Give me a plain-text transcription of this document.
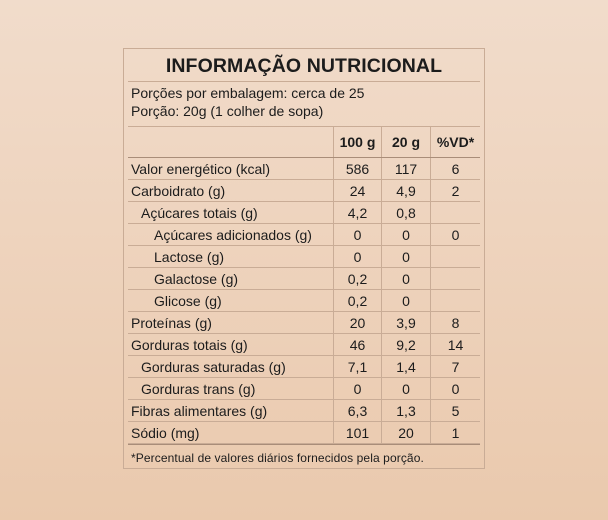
INFORMAÇÃO NUTRICIONAL
Porções por embalagem: cerca de 25
Porção: 20g (1 colher de sopa)
100 g	20 g	%VD*
Valor energético (kcal)	586 117 6
Carboidrato (g)	24 4,9	2
Açúcares totais (g)	4,2 0,8
Açúcares adicionados (g)	0	0	0
Lactose (g)	0	0
Galactose (g)	0,2 0
Glicose (g)	0,2 0
Proteínas (g)	20 3,9	8
Gorduras totais (g)	46 9,2 14
Gorduras saturadas (g)	7,1 1,4	7
Gorduras trans (g)	0	0	0
Fibras alimentares (g)	6,3 1,3	5
Sódio (mg)	101 20	1
*Percentual de valores diários fornecidos pela porção.
